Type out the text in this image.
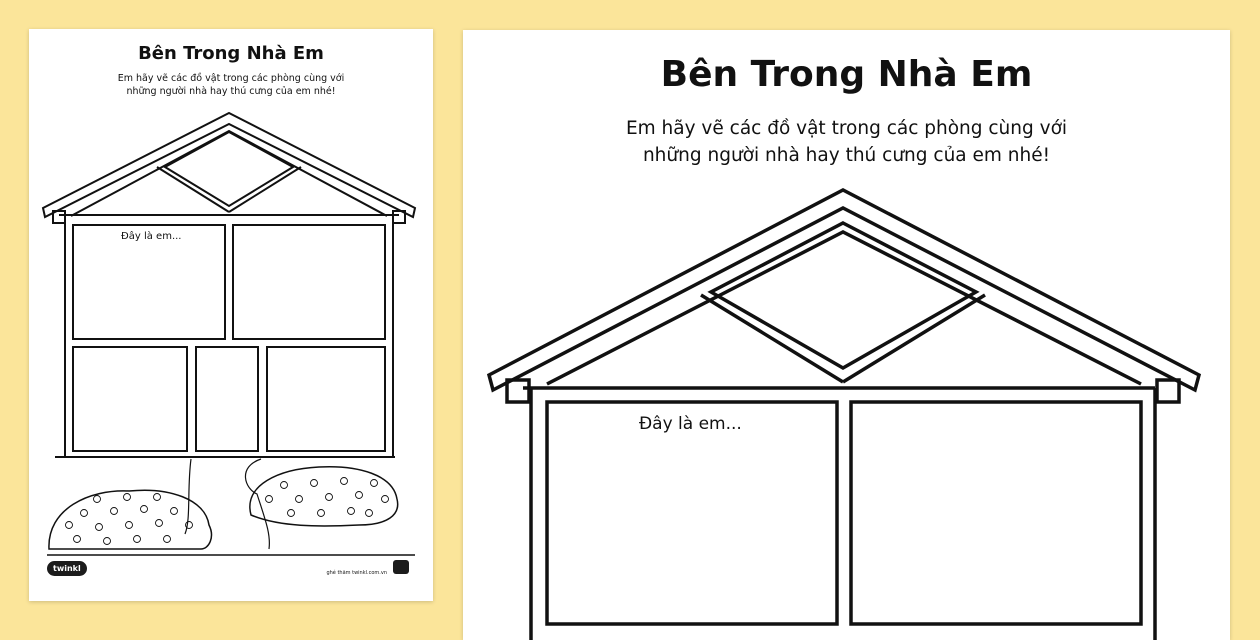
Bên Trong Nhà Em
Em hãy vẽ các đồ vật trong các phòng cùng với
những người nhà hay thú cưng của em nhé!
Đây là em...
twinkl	ghé thăm twinkl.com.vn
Bên Trong Nhà Em
Em hãy vẽ các đồ vật trong các phòng cùng với
những người nhà hay thú cưng của em nhé!
Đây là em...
